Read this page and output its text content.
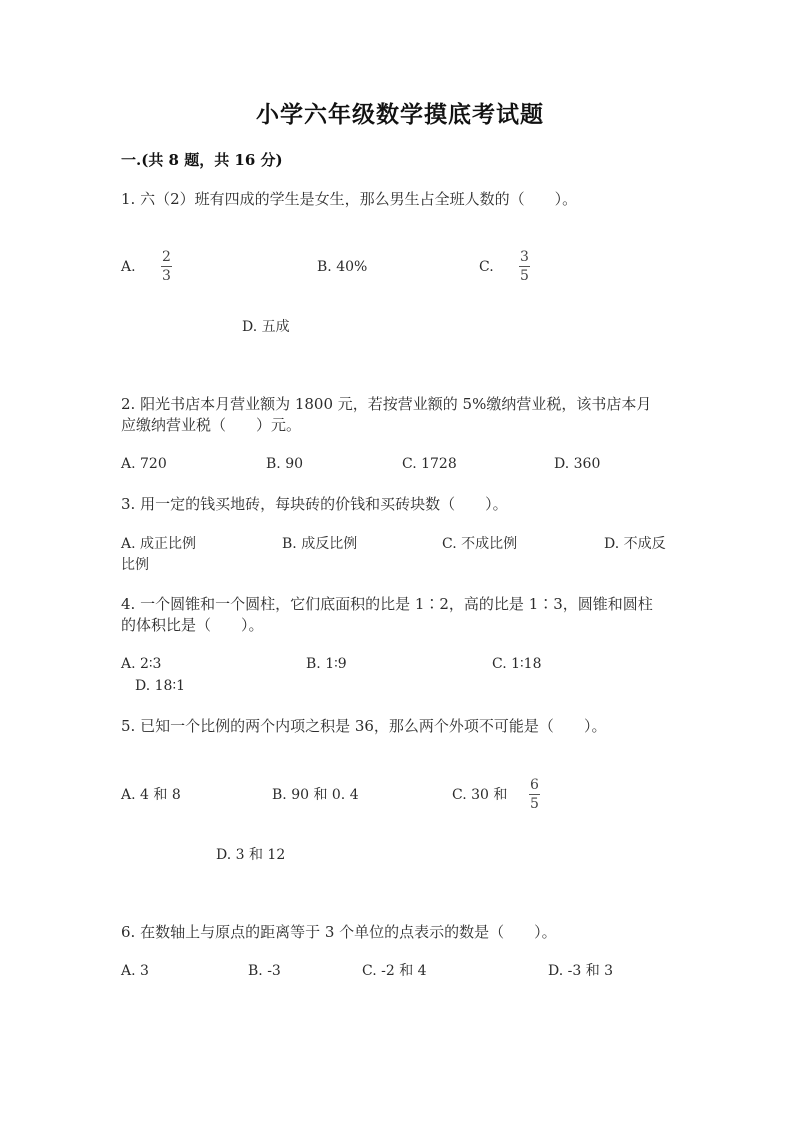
小学六年级数学摸底考试题
一.(共 8 题，共 16 分)
1. 六（2）班有四成的学生是女生，那么男生占全班人数的（　　）。
A.
2
3
B. 40%	C.
3
5
D. 五成
2. 阳光书店本月营业额为 1800 元，若按营业额的 5%缴纳营业税，该书店本月
应缴纳营业税（　　）元。
A. 720	B. 90	C. 1728	D. 360
3. 用一定的钱买地砖，每块砖的价钱和买砖块数（　　）。
A. 成正比例	B. 成反比例	C. 不成比例	D. 不成反
比例
4. 一个圆锥和一个圆柱，它们底面积的比是 1∶2，高的比是 1∶3，圆锥和圆柱
的体积比是（　　）。
A. 2∶3	B. 1∶9	C. 1∶18
D. 18∶1
5. 已知一个比例的两个内项之积是 36，那么两个外项不可能是（　　）。
A. 4 和 8	B. 90 和 0. 4	C. 30 和
6
5
D. 3 和 12
6. 在数轴上与原点的距离等于 3 个单位的点表示的数是（　　）。
A. 3	B. -3	C. -2 和 4	D. -3 和 3
